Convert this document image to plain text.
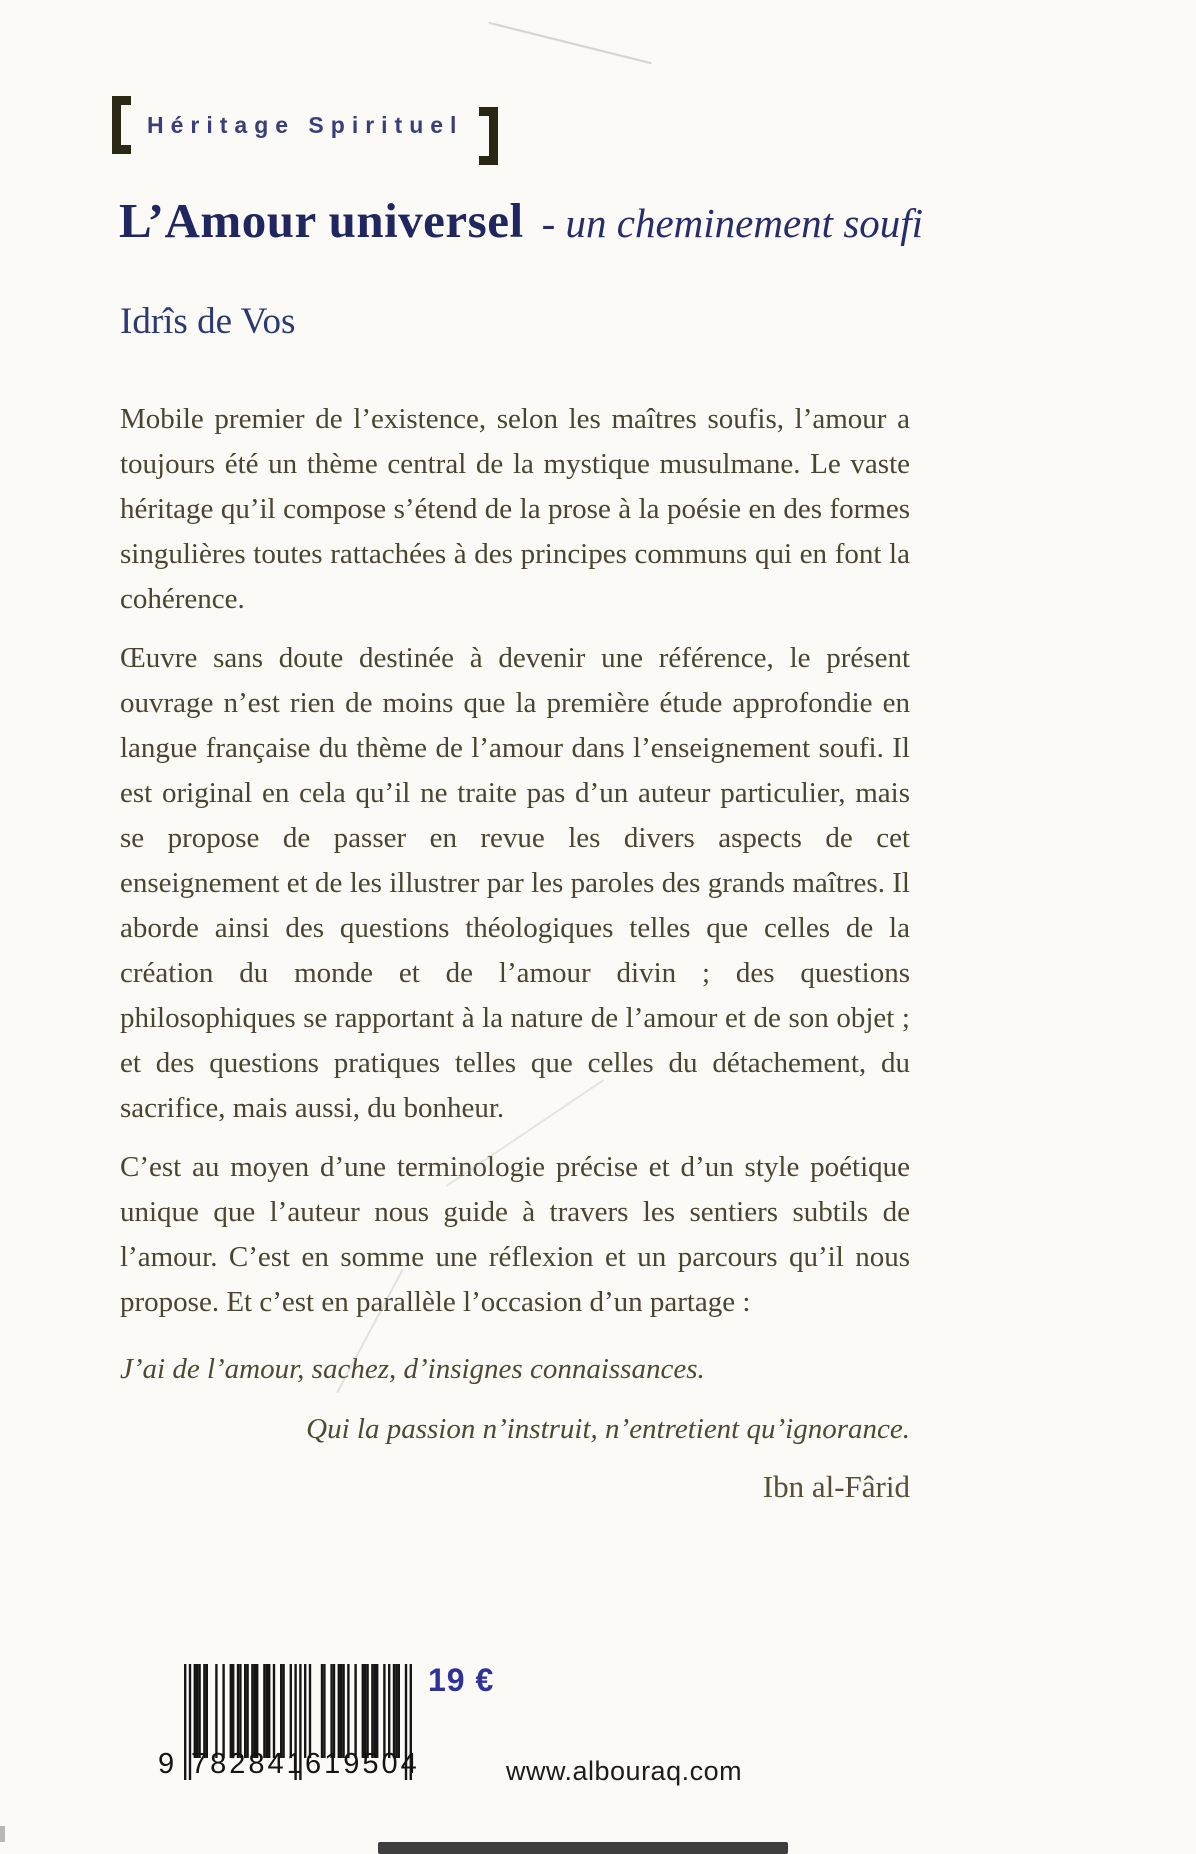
Héritage Spirituel
L’Amour universel - un cheminement soufi
Idrîs de Vos

Mobile premier de l’existence, selon les maîtres soufis, l’amour a toujours été un thème central de la mystique musulmane. Le vaste héritage qu’il compose s’étend de la prose à la poésie en des formes singulières toutes rattachées à des principes communs qui en font la cohérence.

Œuvre sans doute destinée à devenir une référence, le présent ouvrage n’est rien de moins que la première étude approfondie en langue française du thème de l’amour dans l’enseignement soufi. Il est original en cela qu’il ne traite pas d’un auteur particulier, mais se propose de passer en revue les divers aspects de cet enseignement et de les illustrer par les paroles des grands maîtres. Il aborde ainsi des questions théologiques telles que celles de la création du monde et de l’amour divin ; des questions philosophiques se rapportant à la nature de l’amour et de son objet ; et des questions pratiques telles que celles du détachement, du sacrifice, mais aussi, du bonheur.

C’est au moyen d’une terminologie précise et d’un style poétique unique que l’auteur nous guide à travers les sentiers subtils de l’amour. C’est en somme une réflexion et un parcours qu’il nous propose. Et c’est en parallèle l’occasion d’un partage :

J’ai de l’amour, sachez, d’insignes connaissances.
Qui la passion n’instruit, n’entretient qu’ignorance.
Ibn al-Fârid
9 782841 619504
19 €
www.albouraq.com
